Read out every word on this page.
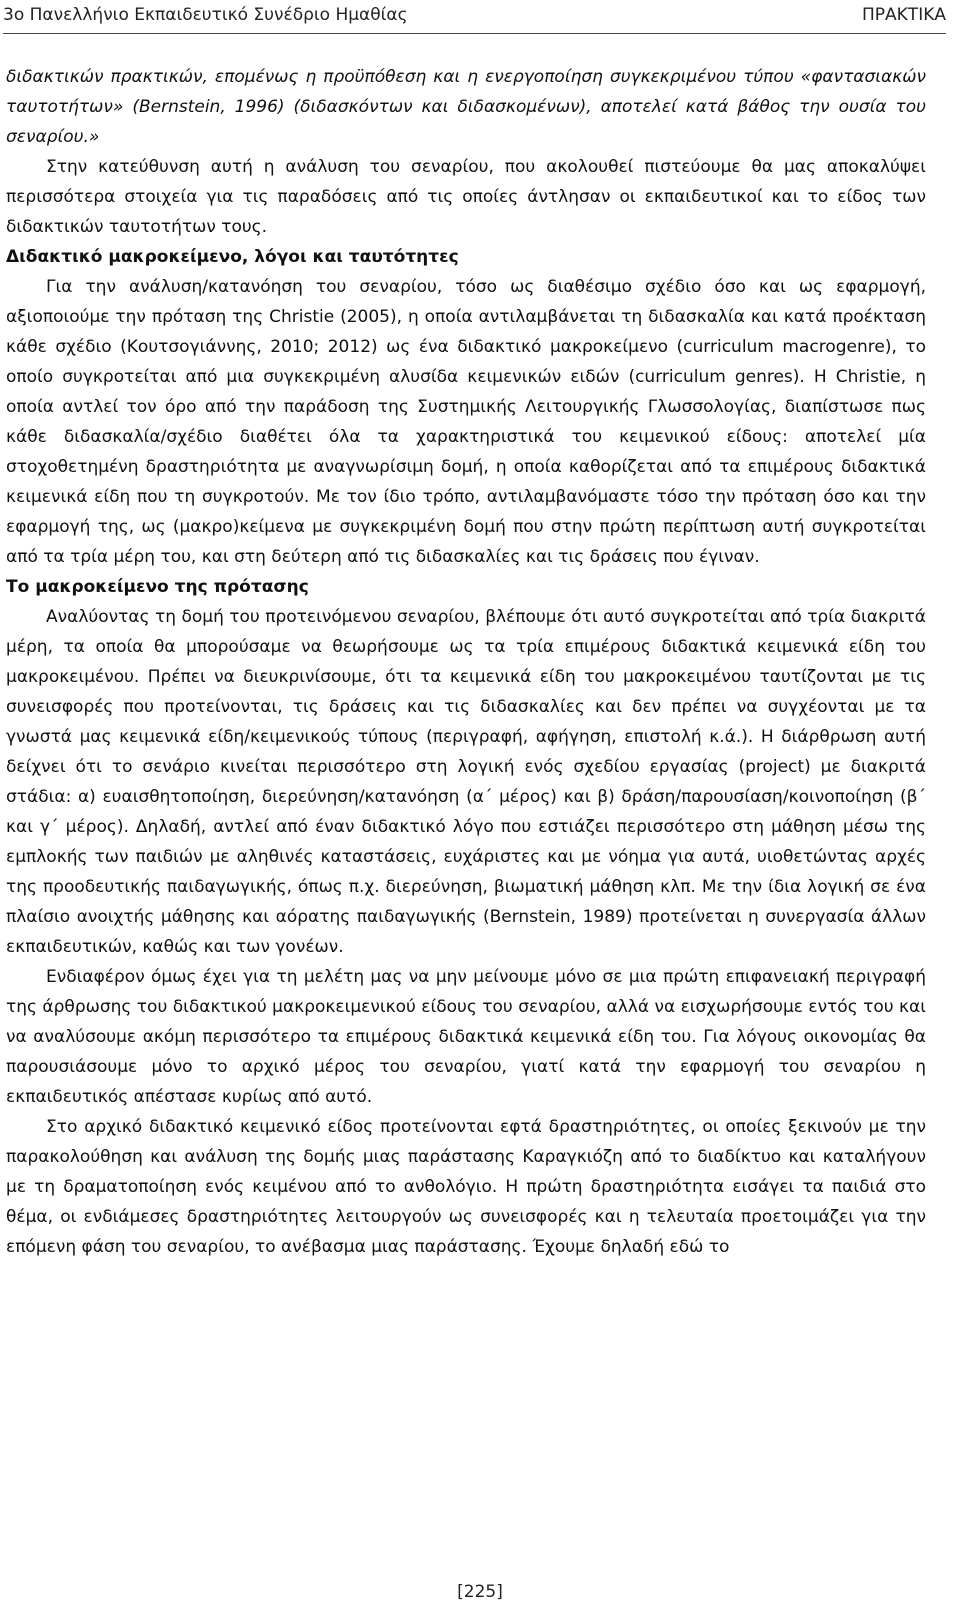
3ο Πανελλήνιο Εκπαιδευτικό Συνέδριο Ημαθίας	ΠΡΑΚΤΙΚΑ

διδακτικών πρακτικών, επομένως η προϋπόθεση και η ενεργοποίηση συγκεκριμένου τύπου «φαντασιακών ταυτοτήτων» (Bernstein, 1996) (διδασκόντων και διδασκομένων), αποτελεί κατά βάθος την ουσία του σεναρίου.»

Στην κατεύθυνση αυτή η ανάλυση του σεναρίου, που ακολουθεί πιστεύουμε θα μας αποκαλύψει περισσότερα στοιχεία για τις παραδόσεις από τις οποίες άντλησαν οι εκπαιδευτικοί και το είδος των διδακτικών ταυτοτήτων τους.

Διδακτικό μακροκείμενο, λόγοι και ταυτότητες

Για την ανάλυση/κατανόηση του σεναρίου, τόσο ως διαθέσιμο σχέδιο όσο και ως εφαρμογή, αξιοποιούμε την πρόταση της Christie (2005), η οποία αντιλαμβάνεται τη διδασκαλία και κατά προέκταση κάθε σχέδιο (Κουτσογιάννης, 2010; 2012) ως ένα διδακτικό μακροκείμενο (curriculum macrogenre), το οποίο συγκροτείται από μια συγκεκριμένη αλυσίδα κειμενικών ειδών (curriculum genres). Η Christie, η οποία αντλεί τον όρο από την παράδοση της Συστημικής Λειτουργικής Γλωσσολογίας, διαπίστωσε πως κάθε διδασκαλία/σχέδιο διαθέτει όλα τα χαρακτηριστικά του κειμενικού είδους: αποτελεί μία στοχοθετημένη δραστηριότητα με αναγνωρίσιμη δομή, η οποία καθορίζεται από τα επιμέρους διδακτικά κειμενικά είδη που τη συγκροτούν. Με τον ίδιο τρόπο, αντιλαμβανόμαστε τόσο την πρόταση όσο και την εφαρμογή της, ως (μακρο)κείμενα με συγκεκριμένη δομή που στην πρώτη περίπτωση αυτή συγκροτείται από τα τρία μέρη του, και στη δεύτερη από τις διδασκαλίες και τις δράσεις που έγιναν.

Το μακροκείμενο της πρότασης

Αναλύοντας τη δομή του προτεινόμενου σεναρίου, βλέπουμε ότι αυτό συγκροτείται από τρία διακριτά μέρη, τα οποία θα μπορούσαμε να θεωρήσουμε ως τα τρία επιμέρους διδακτικά κειμενικά είδη του μακροκειμένου. Πρέπει να διευκρινίσουμε, ότι τα κειμενικά είδη του μακροκειμένου ταυτίζονται με τις συνεισφορές που προτείνονται, τις δράσεις και τις διδασκαλίες και δεν πρέπει να συγχέονται με τα γνωστά μας κειμενικά είδη/κειμενικούς τύπους (περιγραφή, αφήγηση, επιστολή κ.ά.). Η διάρθρωση αυτή δείχνει ότι το σενάριο κινείται περισσότερο στη λογική ενός σχεδίου εργασίας (project) με διακριτά στάδια: α) ευαισθητοποίηση, διερεύνηση/κατανόηση (α΄ μέρος) και β) δράση/παρουσίαση/κοινοποίηση (β΄ και γ΄ μέρος). Δηλαδή, αντλεί από έναν διδακτικό λόγο που εστιάζει περισσότερο στη μάθηση μέσω της εμπλοκής των παιδιών με αληθινές καταστάσεις, ευχάριστες και με νόημα για αυτά, υιοθετώντας αρχές της προοδευτικής παιδαγωγικής, όπως π.χ. διερεύνηση, βιωματική μάθηση κλπ. Με την ίδια λογική σε ένα πλαίσιο ανοιχτής μάθησης και αόρατης παιδαγωγικής (Bernstein, 1989) προτείνεται η συνεργασία άλλων εκπαιδευτικών, καθώς και των γονέων.

Ενδιαφέρον όμως έχει για τη μελέτη μας να μην μείνουμε μόνο σε μια πρώτη επιφανειακή περιγραφή της άρθρωσης του διδακτικού μακροκειμενικού είδους του σεναρίου, αλλά να εισχωρήσουμε εντός του και να αναλύσουμε ακόμη περισσότερο τα επιμέρους διδακτικά κειμενικά είδη του. Για λόγους οικονομίας θα παρουσιάσουμε μόνο το αρχικό μέρος του σεναρίου, γιατί κατά την εφαρμογή του σεναρίου η εκπαιδευτικός απέστασε κυρίως από αυτό.

Στο αρχικό διδακτικό κειμενικό είδος προτείνονται εφτά δραστηριότητες, οι οποίες ξεκινούν με την παρακολούθηση και ανάλυση της δομής μιας παράστασης Καραγκιόζη από το διαδίκτυο και καταλήγουν με τη δραματοποίηση ενός κειμένου από το ανθολόγιο. Η πρώτη δραστηριότητα εισάγει τα παιδιά στο θέμα, οι ενδιάμεσες δραστηριότητες λειτουργούν ως συνεισφορές και η τελευταία προετοιμάζει για την επόμενη φάση του σεναρίου, το ανέβασμα μιας παράστασης. Έχουμε δηλαδή εδώ το

[225]
